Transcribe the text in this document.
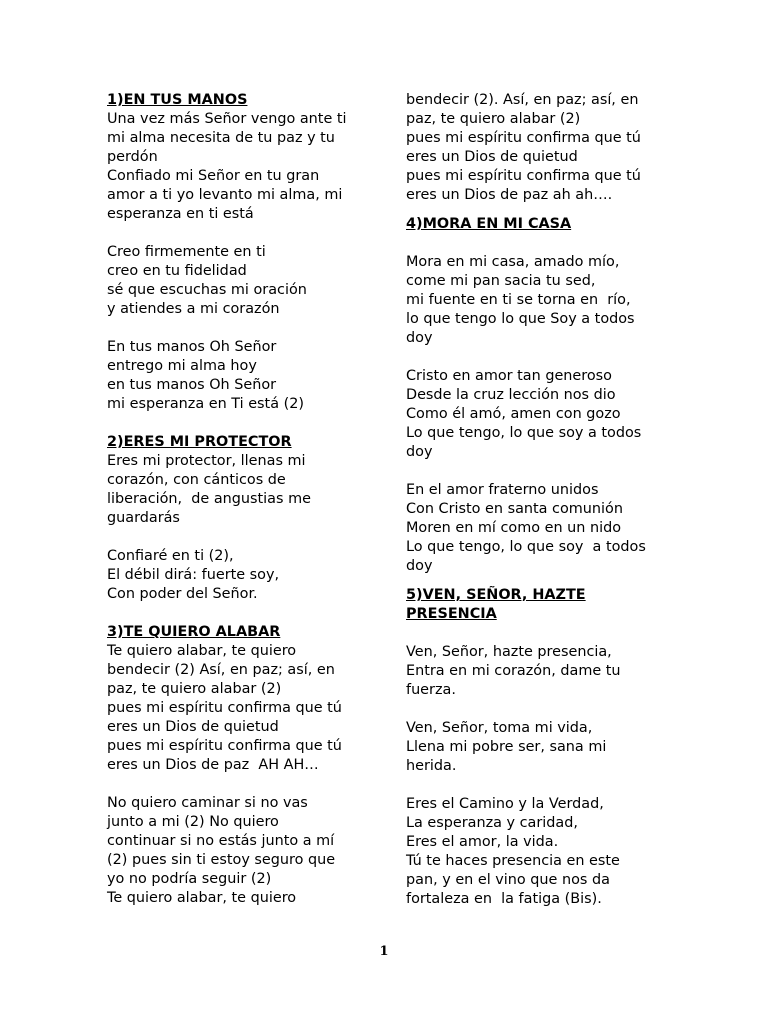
1)EN TUS MANOS
Una vez más Señor vengo ante ti
mi alma necesita de tu paz y tu
perdón
Confiado mi Señor en tu gran
amor a ti yo levanto mi alma, mi
esperanza en ti está
Creo firmemente en ti
creo en tu fidelidad
sé que escuchas mi oración
y atiendes a mi corazón
En tus manos Oh Señor
entrego mi alma hoy
en tus manos Oh Señor
mi esperanza en Ti está (2)
2)ERES MI PROTECTOR
Eres mi protector, llenas mi
corazón, con cánticos de
liberación,  de angustias me
guardarás
Confiaré en ti (2),
El débil dirá: fuerte soy,
Con poder del Señor.
3)TE QUIERO ALABAR
Te quiero alabar, te quiero
bendecir (2) Así, en paz; así, en
paz, te quiero alabar (2)
pues mi espíritu confirma que tú
eres un Dios de quietud
pues mi espíritu confirma que tú
eres un Dios de paz  AH AH…
No quiero caminar si no vas
junto a mi (2) No quiero
continuar si no estás junto a mí
(2) pues sin ti estoy seguro que
yo no podría seguir (2)
Te quiero alabar, te quiero
bendecir (2). Así, en paz; así, en
paz, te quiero alabar (2)
pues mi espíritu confirma que tú
eres un Dios de quietud
pues mi espíritu confirma que tú
eres un Dios de paz ah ah….
4)MORA EN MI CASA
Mora en mi casa, amado mío,
come mi pan sacia tu sed,
mi fuente en ti se torna en  río,
lo que tengo lo que Soy a todos
doy
Cristo en amor tan generoso
Desde la cruz lección nos dio
Como él amó, amen con gozo
Lo que tengo, lo que soy a todos
doy
En el amor fraterno unidos
Con Cristo en santa comunión
Moren en mí como en un nido
Lo que tengo, lo que soy  a todos
doy
5)VEN, SEÑOR, HAZTE
PRESENCIA
Ven, Señor, hazte presencia,
Entra en mi corazón, dame tu
fuerza.
Ven, Señor, toma mi vida,
Llena mi pobre ser, sana mi
herida.
Eres el Camino y la Verdad,
La esperanza y caridad,
Eres el amor, la vida.
Tú te haces presencia en este
pan, y en el vino que nos da
fortaleza en  la fatiga (Bis).
1
